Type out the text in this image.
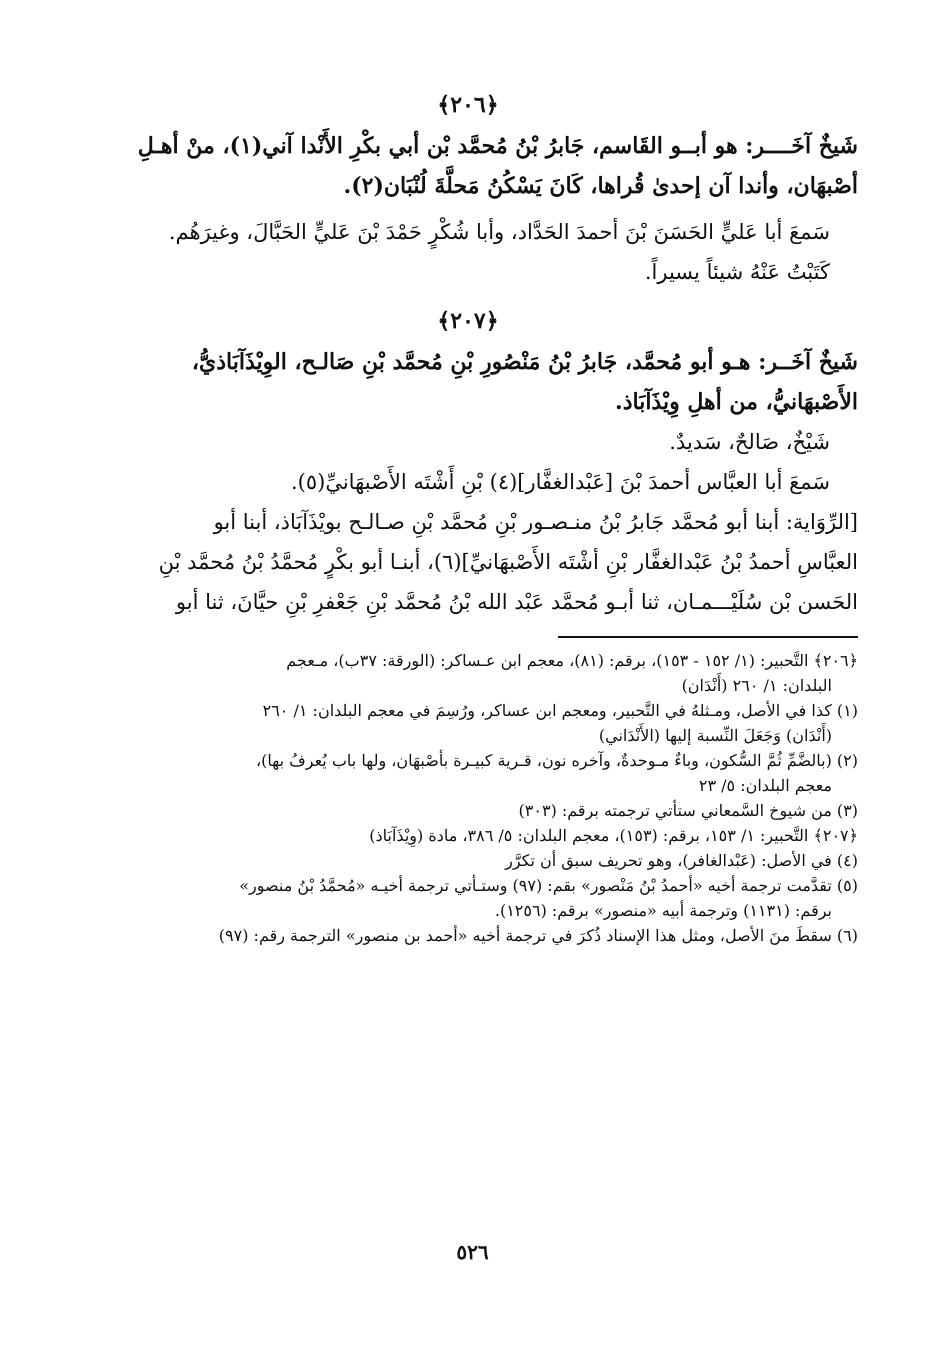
﴿٢٠٦﴾

شَيخٌ آخَــــر: هو أبــو القَاسم، جَابرُ بْنُ مُحمَّد بْن أبي بكْرِ الأَنْدا آني(١)، منْ أهـلِ

أصْبهَان، وأندا آن إحدىٰ قُراها، كَانَ يَسْكُنُ مَحلَّةَ لُنْبَان(٢).

سَمعَ أبا عَليٍّ الحَسَنَ بْنَ أحمدَ الحَدَّاد، وأبا شُكْرٍ حَمْدَ بْنَ عَليٍّ الحَبَّالَ، وغيرَهُم.

كَتَبْتُ عَنْهُ شيئاً يسيراً.

﴿٢٠٧﴾

شَيخٌ آخَــر: هـو أبو مُحمَّد، جَابرُ بْنُ مَنْصُورِ بْنِ مُحمَّد بْنِ صَالـح، الوِيْذَآبَاذيُّ،

الأَصْبهَانيُّ، من أهلِ وِيْذَآبَاذ.

شَيْخٌ، صَالحٌ، سَديدٌ.

سَمعَ أبا العبَّاس أحمدَ بْنَ [عَبْدالغفَّار](٤) بْنِ أَشْتَه الأَصْبهَانيِّ(٥).

[الرِّوَاية: أبنا أبو مُحمَّد جَابرُ بْنُ منـصـور بْنِ مُحمَّد بْنِ صـالـح بويْذَآبَاذ، أبنا أبو

العبَّاسِ أحمدُ بْنُ عَبْدالغفَّار بْنِ أشْتَه الأَصْبهَانيِّ](٦)، أبنـا أبو بكْرٍ مُحمَّدُ بْنُ مُحمَّد بْنِ

الحَسن بْن سُلَيْـــمـان، ثنا أبـو مُحمَّد عَبْد الله بْنُ مُحمَّد بْنِ جَعْفرِ بْنِ حيَّانَ، ثنا أبو

﴿٢٠٦﴾ التَّحبير: (١/ ١٥٢ - ١٥٣)، برقم: (٨١)، معجم ابن عـساكر: (الورقة: ٣٧ب)، مـعجم
البلدان: ١/ ٢٦٠ (أَنْدَان)

(١) كذا في الأصل، ومـثلهُ في التَّحبير، ومعجم ابن عساكر، ورُسِمَ في معجم البلدان: ١/ ٢٦٠
(أَنْدَان) وَجَعَلَ النِّسبة إليها (الأَنْدَاني)

(٢) (بالضَّمِّ ثُمَّ السُّكون، وباءٌ مـوحدةٌ، وآخره نون، قـرية كبيـرة بأصْبهَان، ولها باب يُعرفُ بها)،
معجم البلدان: ٥/ ٢٣

(٣) من شيوخ السَّمعاني ستأتي ترجمته برقم: (٣٠٣)

﴿٢٠٧﴾ التَّحبير: ١/ ١٥٣، برقم: (١٥٣)، معجم البلدان: ٥/ ٣٨٦، مادة (وِيْذَآبَاذ)

(٤) في الأصل: (عَبْدالغافر)، وهو تحريف سبق أن تكرَّر

(٥) تقدَّمت ترجمة أخيه «أحمدُ بْنُ مَنْصور» بقم: (٩٧) وستـأتي ترجمة أخيـه «مُحمَّدُ بْنُ منصور»
برقم: (١١٣١) وترجمة أبيه «منصور» برقم: (١٢٥٦).

(٦) سقطَ منَ الأصل، ومثل هذا الإسناد ذُكرَ في ترجمة أخيه «أحمد بن منصور» الترجمة رقم: (٩٧)

٥٢٦
